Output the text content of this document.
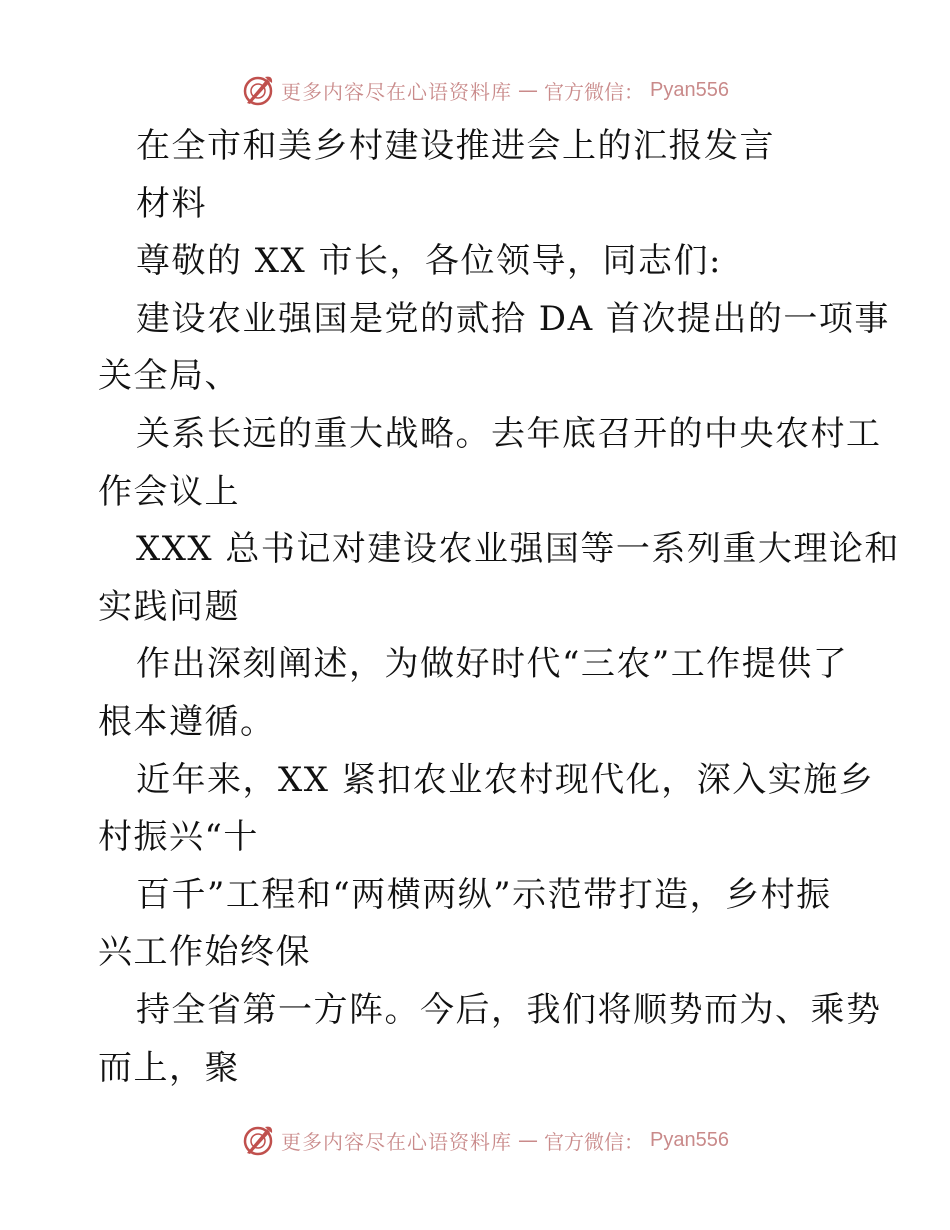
更多内容尽在心语资料库 — 官方微信： Pyan556

在全市和美乡村建设推进会上的汇报发言

材料

尊敬的 XX 市长，各位领导，同志们:

建设农业强国是党的贰拾 DA 首次提出的一项事

关全局、

关系长远的重大战略。去年底召开的中央农村工

作会议上

XXX 总书记对建设农业强国等一系列重大理论和

实践问题

作出深刻阐述，为做好时代“三农”工作提供了

根本遵循。

近年来，XX 紧扣农业农村现代化，深入实施乡

村振兴“十

百千”工程和“两横两纵”示范带打造，乡村振

兴工作始终保

持全省第一方阵。今后，我们将顺势而为、乘势

而上，聚

更多内容尽在心语资料库 — 官方微信： Pyan556
